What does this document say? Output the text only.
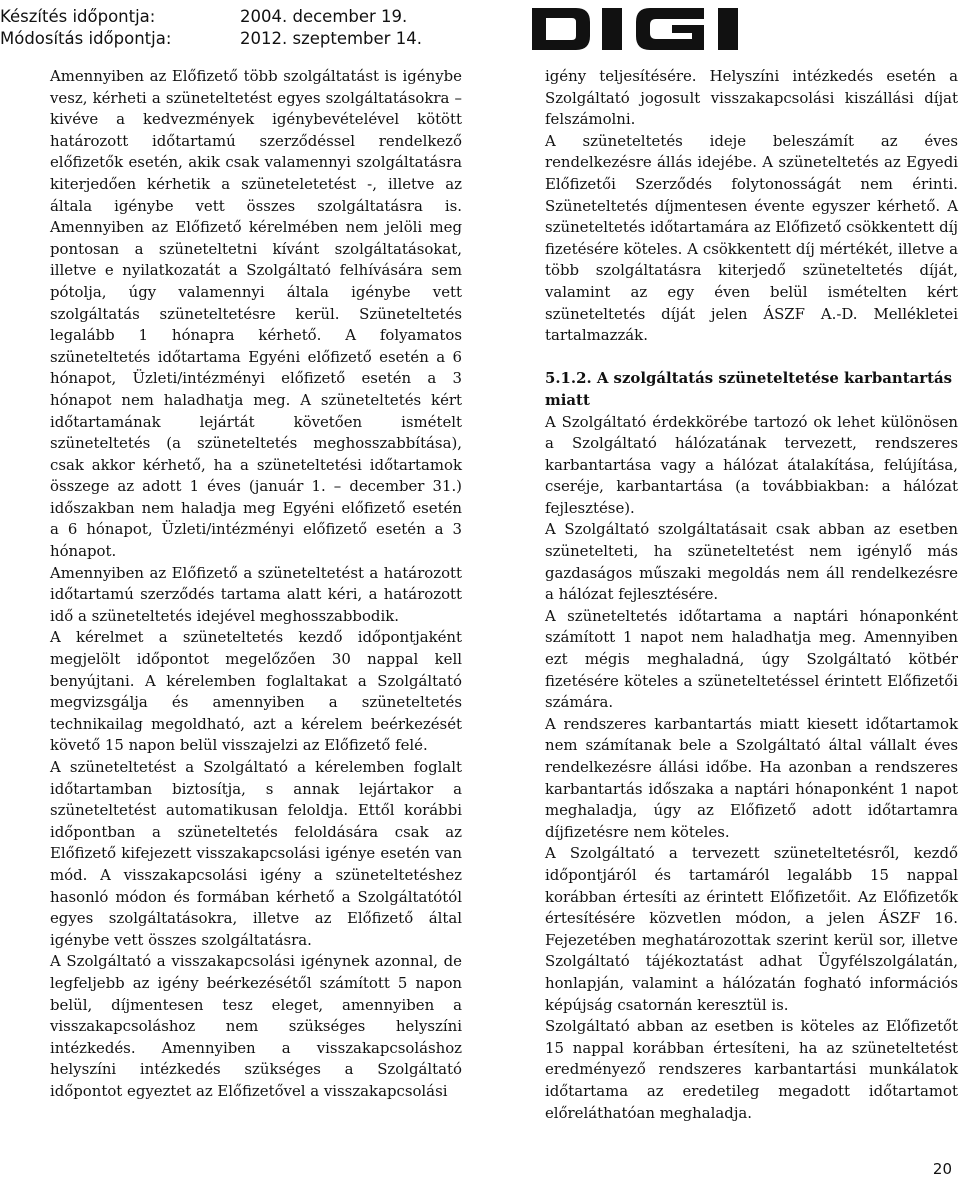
Készítés időpontja:	2004. december 19.
Módosítás időpontja:	2012. szeptember 14.

Amennyiben az Előfizető több szolgáltatást is igénybe vesz, kérheti a szüneteltetést egyes szolgáltatásokra – kivéve a kedvezmények igénybevételével kötött határozott időtartamú szerződéssel rendelkező előfizetők esetén, akik csak valamennyi szolgáltatásra kiterjedően kérhetik a szüneteletetést -, illetve az általa igénybe vett összes szolgáltatásra is. Amennyiben az Előfizető kérelmében nem jelöli meg pontosan a szüneteltetni kívánt szolgáltatásokat, illetve e nyilatkozatát a Szolgáltató felhívására sem pótolja, úgy valamennyi általa igénybe vett szolgáltatás szüneteltetésre kerül. Szüneteltetés legalább 1 hónapra kérhető. A folyamatos szüneteltetés időtartama Egyéni előfizető esetén a 6 hónapot, Üzleti/intézményi előfizető esetén a 3 hónapot nem haladhatja meg. A szüneteltetés kért időtartamának lejártát követően ismételt szüneteltetés (a szüneteltetés meghosszabbítása), csak akkor kérhető, ha a szüneteltetési időtartamok összege az adott 1 éves (január 1. – december 31.) időszakban nem haladja meg Egyéni előfizető esetén a 6 hónapot, Üzleti/intézményi előfizető esetén a 3 hónapot.

Amennyiben az Előfizető a szüneteltetést a határozott időtartamú szerződés tartama alatt kéri, a határozott idő a szüneteltetés idejével meghosszabbodik.

A kérelmet a szüneteltetés kezdő időpontjaként megjelölt időpontot megelőzően 30 nappal kell benyújtani. A kérelemben foglaltakat a Szolgáltató megvizsgálja és amennyiben a szüneteltetés technikailag megoldható, azt a kérelem beérkezését követő 15 napon belül visszajelzi az Előfizető felé.

A szüneteltetést a Szolgáltató a kérelemben foglalt időtartamban biztosítja, s annak lejártakor a szüneteltetést automatikusan feloldja. Ettől korábbi időpontban a szüneteltetés feloldására csak az Előfizető kifejezett visszakapcsolási igénye esetén van mód. A visszakapcsolási igény a szüneteltetéshez hasonló módon és formában kérhető a Szolgáltatótól egyes szolgáltatásokra, illetve az Előfizető által igénybe vett összes szolgáltatásra.

A Szolgáltató a visszakapcsolási igénynek azonnal, de legfeljebb az igény beérkezésétől számított 5 napon belül, díjmentesen tesz eleget, amennyiben a visszakapcsoláshoz nem szükséges helyszíni intézkedés. Amennyiben a visszakapcsoláshoz helyszíni intézkedés szükséges a Szolgáltató időpontot egyeztet az Előfizetővel a visszakapcsolási

igény teljesítésére. Helyszíni intézkedés esetén a Szolgáltató jogosult visszakapcsolási kiszállási díjat felszámolni.

A szüneteltetés ideje beleszámít az éves rendelkezésre állás idejébe. A szüneteltetés az Egyedi Előfizetői Szerződés folytonosságát nem érinti. Szüneteltetés díjmentesen évente egyszer kérhető. A szüneteltetés időtartamára az Előfizető csökkentett díj fizetésére köteles. A csökkentett díj mértékét, illetve a több szolgáltatásra kiterjedő szüneteltetés díját, valamint az egy éven belül ismételten kért szüneteltetés díját jelen ÁSZF A.-D. Mellékletei tartalmazzák.

5.1.2. A szolgáltatás szüneteltetése karbantartás miatt

A Szolgáltató érdekkörébe tartozó ok lehet különösen a Szolgáltató hálózatának tervezett, rendszeres karbantartása vagy a hálózat átalakítása, felújítása, cseréje, karbantartása (a továbbiakban: a hálózat fejlesztése).

A Szolgáltató szolgáltatásait csak abban az esetben szünetelteti, ha szüneteltetést nem igénylő más gazdaságos műszaki megoldás nem áll rendelkezésre a hálózat fejlesztésére.

A szüneteltetés időtartama a naptári hónaponként számított 1 napot nem haladhatja meg. Amennyiben ezt mégis meghaladná, úgy Szolgáltató kötbér fizetésére köteles a szüneteltetéssel érintett Előfizetői számára.

A rendszeres karbantartás miatt kiesett időtartamok nem számítanak bele a Szolgáltató által vállalt éves rendelkezésre állási időbe. Ha azonban a rendszeres karbantartás időszaka a naptári hónaponként 1 napot meghaladja, úgy az Előfizető adott időtartamra díjfizetésre nem köteles.

A Szolgáltató a tervezett szüneteltetésről, kezdő időpontjáról és tartamáról legalább 15 nappal korábban értesíti az érintett Előfizetőit. Az Előfizetők értesítésére közvetlen módon, a jelen ÁSZF 16. Fejezetében meghatározottak szerint kerül sor, illetve Szolgáltató tájékoztatást adhat Ügyfélszolgálatán, honlapján, valamint a hálózatán fogható információs képújság csatornán keresztül is.

Szolgáltató abban az esetben is köteles az Előfizetőt 15 nappal korábban értesíteni, ha az szüneteltetést eredményező rendszeres karbantartási munkálatok időtartama az eredetileg megadott időtartamot előreláthatóan meghaladja.

20
